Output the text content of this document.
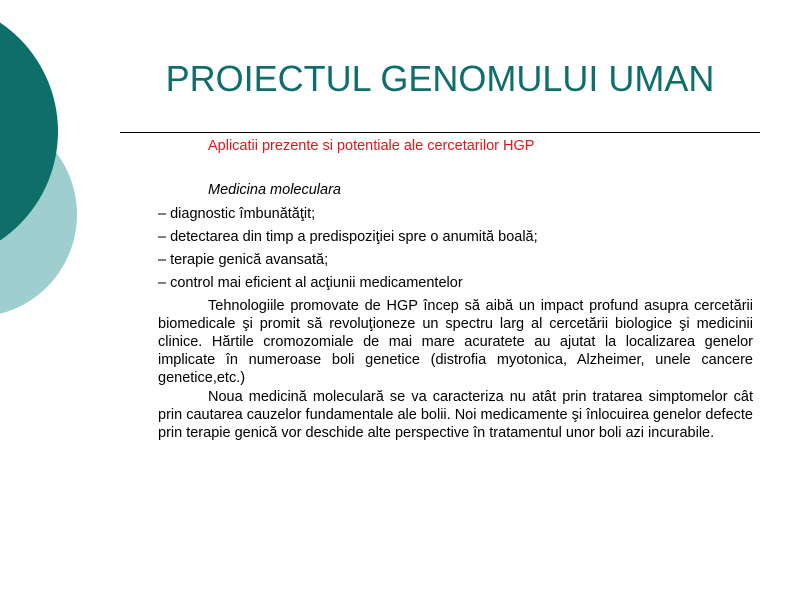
PROIECTUL GENOMULUI UMAN
Aplicatii prezente si potentiale ale cercetarilor HGP
Medicina moleculara
– diagnostic îmbunătăţit;
– detectarea din timp a predispoziţiei spre o anumită boală;
– terapie genică avansată;
– control mai eficient al acţiunii medicamentelor

Tehnologiile promovate de HGP încep să aibă un impact profund asupra cercetării biomedicale şi promit să revoluţioneze un spectru larg al cercetării biologice şi medicinii clinice. Hărtile cromozomiale de mai mare acuratete au ajutat la localizarea genelor implicate în numeroase boli genetice (distrofia myotonica, Alzheimer, unele cancere genetice,etc.)

Noua medicină moleculară se va caracteriza nu atât prin tratarea simptomelor cât prin cautarea cauzelor fundamentale ale bolii. Noi medicamente şi înlocuirea genelor defecte prin terapie genică vor deschide alte perspective în tratamentul unor boli azi incurabile.
